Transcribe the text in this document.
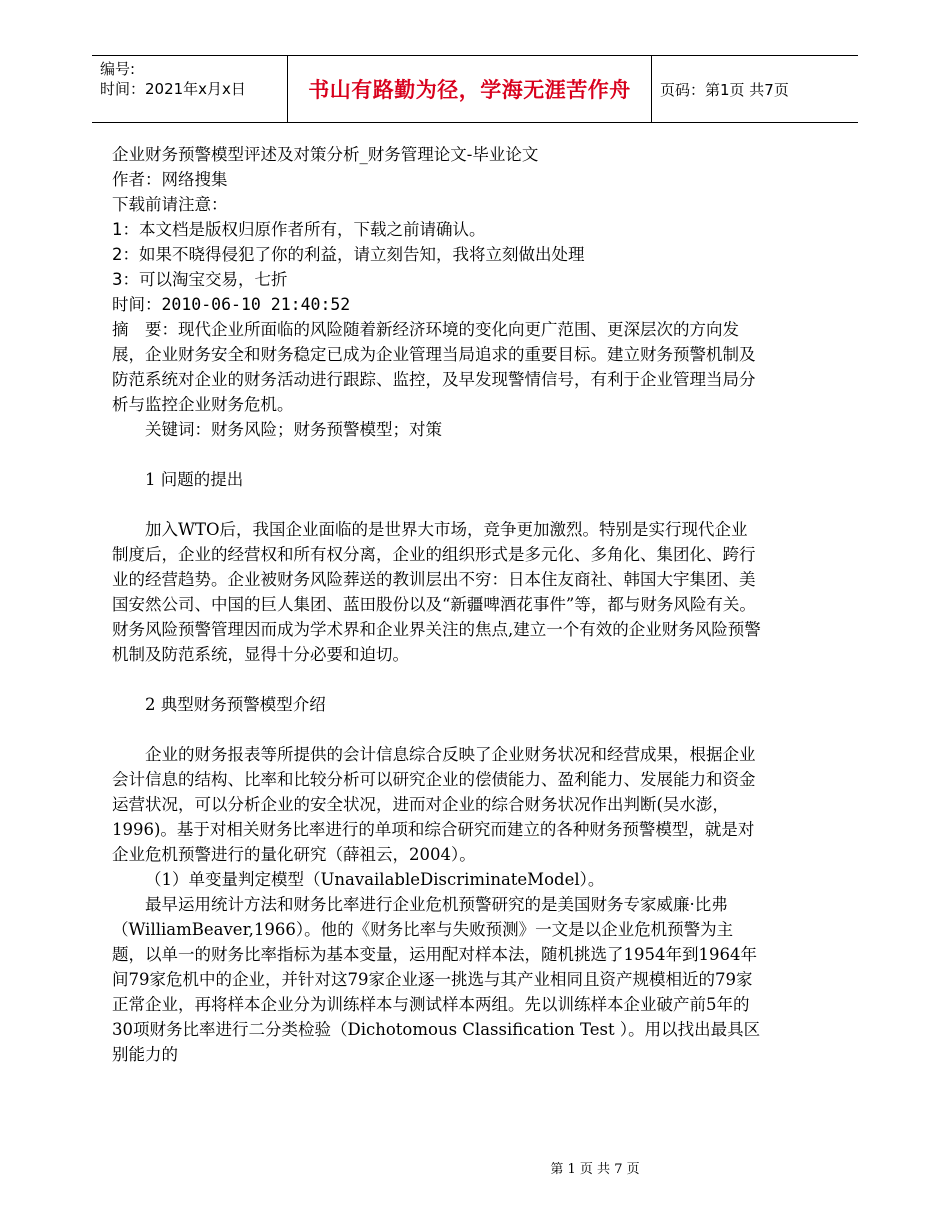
编号:
时间：2021年x月x日	书山有路勤为径，学海无涯苦作舟 页码：第1页 共7页

企业财务预警模型评述及对策分析_财务管理论文-毕业论文

作者：网络搜集

下载前请注意：

1：本文档是版权归原作者所有，下载之前请确认。

2：如果不晓得侵犯了你的利益，请立刻告知，我将立刻做出处理

3：可以淘宝交易，七折

时间：2010-06-10 21:40:52

摘　要：现代企业所面临的风险随着新经济环境的变化向更广范围、更深层次的方向发展，企业财务安全和财务稳定已成为企业管理当局追求的重要目标。建立财务预警机制及防范系统对企业的财务活动进行跟踪、监控，及早发现警情信号，有利于企业管理当局分析与监控企业财务危机。

关键词：财务风险；财务预警模型；对策

1 问题的提出

加入WTO后，我国企业面临的是世界大市场，竞争更加激烈。特别是实行现代企业制度后，企业的经营权和所有权分离，企业的组织形式是多元化、多角化、集团化、跨行业的经营趋势。企业被财务风险葬送的教训层出不穷：日本住友商社、韩国大宇集团、美国安然公司、中国的巨人集团、蓝田股份以及“新疆啤酒花事件”等，都与财务风险有关。财务风险预警管理因而成为学术界和企业界关注的焦点,建立一个有效的企业财务风险预警机制及防范系统，显得十分必要和迫切。

2 典型财务预警模型介绍

企业的财务报表等所提供的会计信息综合反映了企业财务状况和经营成果，根据企业会计信息的结构、比率和比较分析可以研究企业的偿债能力、盈利能力、发展能力和资金运营状况，可以分析企业的安全状况，进而对企业的综合财务状况作出判断(吴水澎，1996)。基于对相关财务比率进行的单项和综合研究而建立的各种财务预警模型，就是对企业危机预警进行的量化研究（薛祖云，2004）。

（1）单变量判定模型（UnavailableDiscriminateModel）。

最早运用统计方法和财务比率进行企业危机预警研究的是美国财务专家威廉·比弗（WilliamBeaver,1966）。他的《财务比率与失败预测》一文是以企业危机预警为主题，以单一的财务比率指标为基本变量，运用配对样本法，随机挑选了1954年到1964年间79家危机中的企业，并针对这79家企业逐一挑选与其产业相同且资产规模相近的79家正常企业，再将样本企业分为训练样本与测试样本两组。先以训练样本企业破产前5年的30项财务比率进行二分类检验（Dichotomous Classification Test ）。用以找出最具区别能力的

第 1 页 共 7 页
